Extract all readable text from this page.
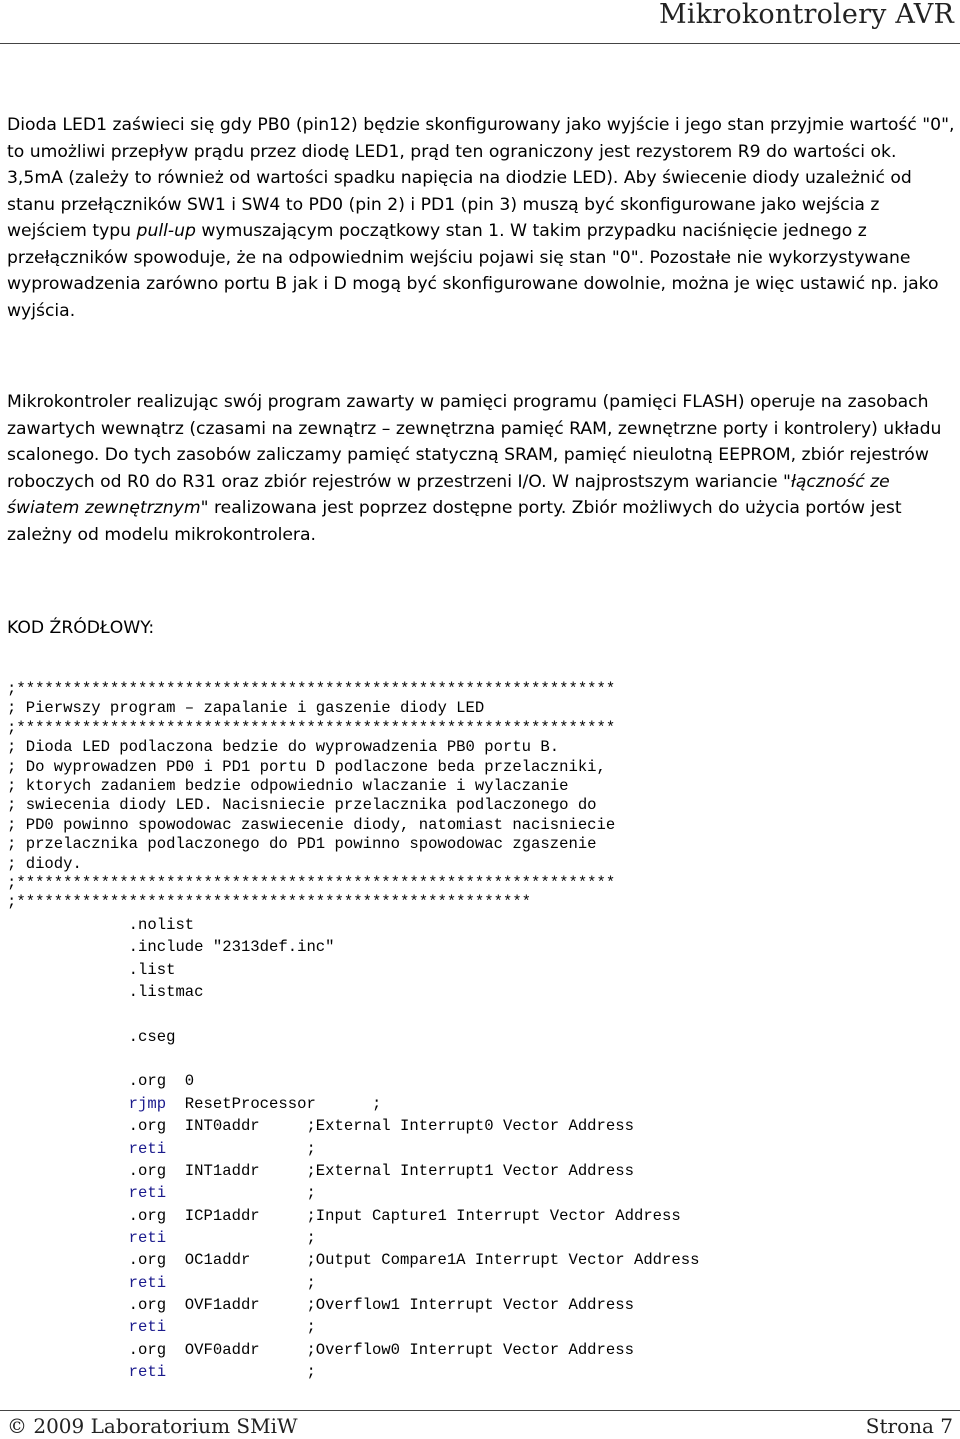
Mikrokontrolery AVR

Dioda LED1 zaświeci się gdy PB0 (pin12) będzie skonfigurowany jako wyjście i jego stan przyjmie wartość "0", to umożliwi przepływ prądu przez diodę LED1, prąd ten ograniczony jest rezystorem R9 do wartości ok. 3,5mA (zależy to również od wartości spadku napięcia na diodzie LED). Aby świecenie diody uzależnić od stanu przełączników SW1 i SW4 to PD0 (pin 2) i PD1 (pin 3) muszą być skonfigurowane jako wejścia z wejściem typu pull-up wymuszającym początkowy stan 1. W takim przypadku naciśnięcie jednego z przełączników spowoduje, że na odpowiednim wejściu pojawi się stan "0". Pozostałe nie wykorzystywane wyprowadzenia zarówno portu B jak i D mogą być skonfigurowane dowolnie, można je więc ustawić np. jako wyjścia.

Mikrokontroler realizując swój program zawarty w pamięci programu (pamięci FLASH) operuje na zasobach zawartych wewnątrz (czasami na zewnątrz – zewnętrzna pamięć RAM, zewnętrzne porty i kontrolery) układu scalonego. Do tych zasobów zaliczamy pamięć statyczną SRAM, pamięć nieulotną EEPROM, zbiór rejestrów roboczych od R0 do R31 oraz zbiór rejestrów w przestrzeni I/O. W najprostszym wariancie "łączność ze światem zewnętrznym" realizowana jest poprzez dostępne porty. Zbiór możliwych do użycia portów jest zależny od modelu mikrokontrolera.

KOD ŹRÓDŁOWY:

;****************************************************************
; Pierwszy program – zapalanie i gaszenie diody LED
;****************************************************************
; Dioda LED podlaczona bedzie do wyprowadzenia PB0 portu B.
; Do wyprowadzen PD0 i PD1 portu D podlaczone beda przelaczniki,
; ktorych zadaniem bedzie odpowiednio wlaczanie i wylaczanie
; swiecenia diody LED. Nacisniecie przelacznika podlaczonego do
; PD0 powinno spowodowac zaswiecenie diody, natomiast nacisniecie
; przelacznika podlaczonego do PD1 powinno spowodowac zgaszenie
; diody.
;****************************************************************
;*******************************************************
.nolist
.include "2313def.inc"
.list
.listmac
.cseg
.org  0
rjmp  ResetProcessor      ;
.org  INT0addr     ;External Interrupt0 Vector Address
reti               ;
.org  INT1addr     ;External Interrupt1 Vector Address
reti               ;
.org  ICP1addr     ;Input Capture1 Interrupt Vector Address
reti               ;
.org  OC1addr      ;Output Compare1A Interrupt Vector Address
reti               ;
.org  OVF1addr     ;Overflow1 Interrupt Vector Address
reti               ;
.org  OVF0addr     ;Overflow0 Interrupt Vector Address
reti               ;
© 2009 Laboratorium SMiW	Strona 7
